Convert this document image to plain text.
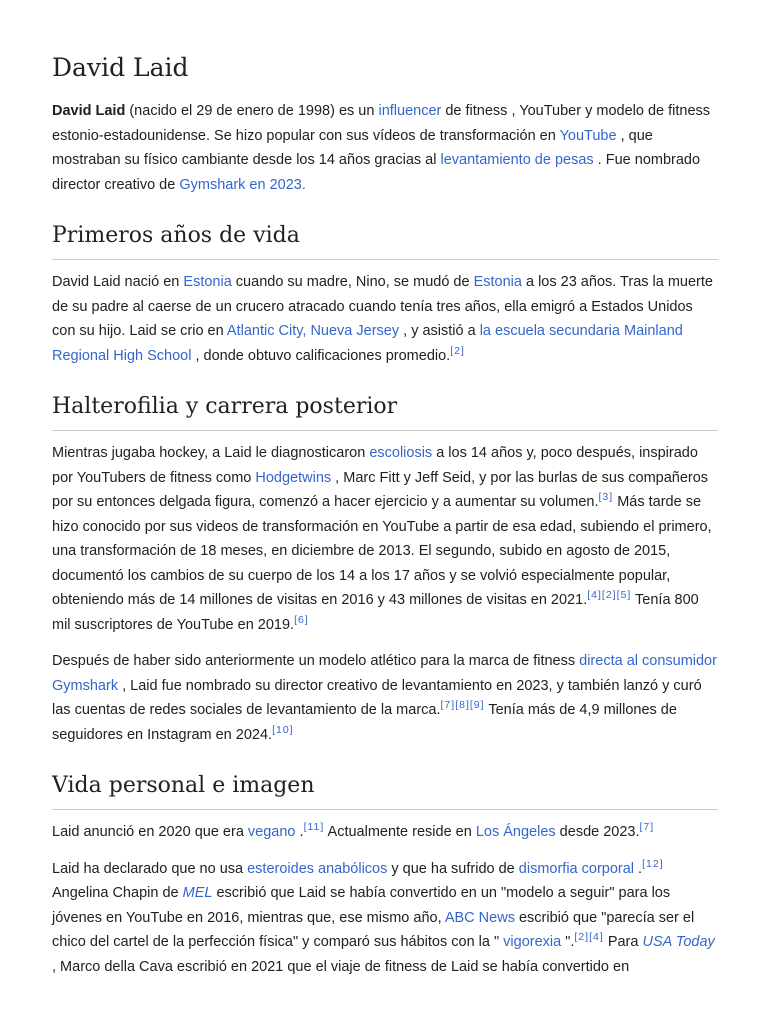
David Laid

David Laid (nacido el 29 de enero de 1998) es un influencer de fitness , YouTuber y modelo de fitness estonio-estadounidense. Se hizo popular con sus vídeos de transformación en YouTube , que mostraban su físico cambiante desde los 14 años gracias al levantamiento de pesas . Fue nombrado director creativo de Gymshark en 2023.

Primeros años de vida

David Laid nació en Estonia cuando su madre, Nino, se mudó de Estonia a los 23 años. Tras la muerte de su padre al caerse de un crucero atracado cuando tenía tres años, ella emigró a Estados Unidos con su hijo. Laid se crio en Atlantic City, Nueva Jersey , y asistió a la escuela secundaria Mainland Regional High School , donde obtuvo calificaciones promedio.[2]

Halterofilia y carrera posterior

Mientras jugaba hockey, a Laid le diagnosticaron escoliosis a los 14 años y, poco después, inspirado por YouTubers de fitness como Hodgetwins , Marc Fitt y Jeff Seid, y por las burlas de sus compañeros por su entonces delgada figura, comenzó a hacer ejercicio y a aumentar su volumen.[3] Más tarde se hizo conocido por sus videos de transformación en YouTube a partir de esa edad, subiendo el primero, una transformación de 18 meses, en diciembre de 2013. El segundo, subido en agosto de 2015, documentó los cambios de su cuerpo de los 14 a los 17 años y se volvió especialmente popular, obteniendo más de 14 millones de visitas en 2016 y 43 millones de visitas en 2021.[4][2][5] Tenía 800 mil suscriptores de YouTube en 2019.[6]

Después de haber sido anteriormente un modelo atlético para la marca de fitness directa al consumidor Gymshark , Laid fue nombrado su director creativo de levantamiento en 2023, y también lanzó y curó las cuentas de redes sociales de levantamiento de la marca.[7][8][9] Tenía más de 4,9 millones de seguidores en Instagram en 2024.[10]

Vida personal e imagen

Laid anunció en 2020 que era vegano .[11] Actualmente reside en Los Ángeles desde 2023.[7]

Laid ha declarado que no usa esteroides anabólicos y que ha sufrido de dismorfia corporal .[12] Angelina Chapin de MEL escribió que Laid se había convertido en un "modelo a seguir" para los jóvenes en YouTube en 2016, mientras que, ese mismo año, ABC News escribió que "parecía ser el chico del cartel de la perfección física" y comparó sus hábitos con la " vigorexia ".[2][4] Para USA Today , Marco della Cava escribió en 2021 que el viaje de fitness de Laid se había convertido en
